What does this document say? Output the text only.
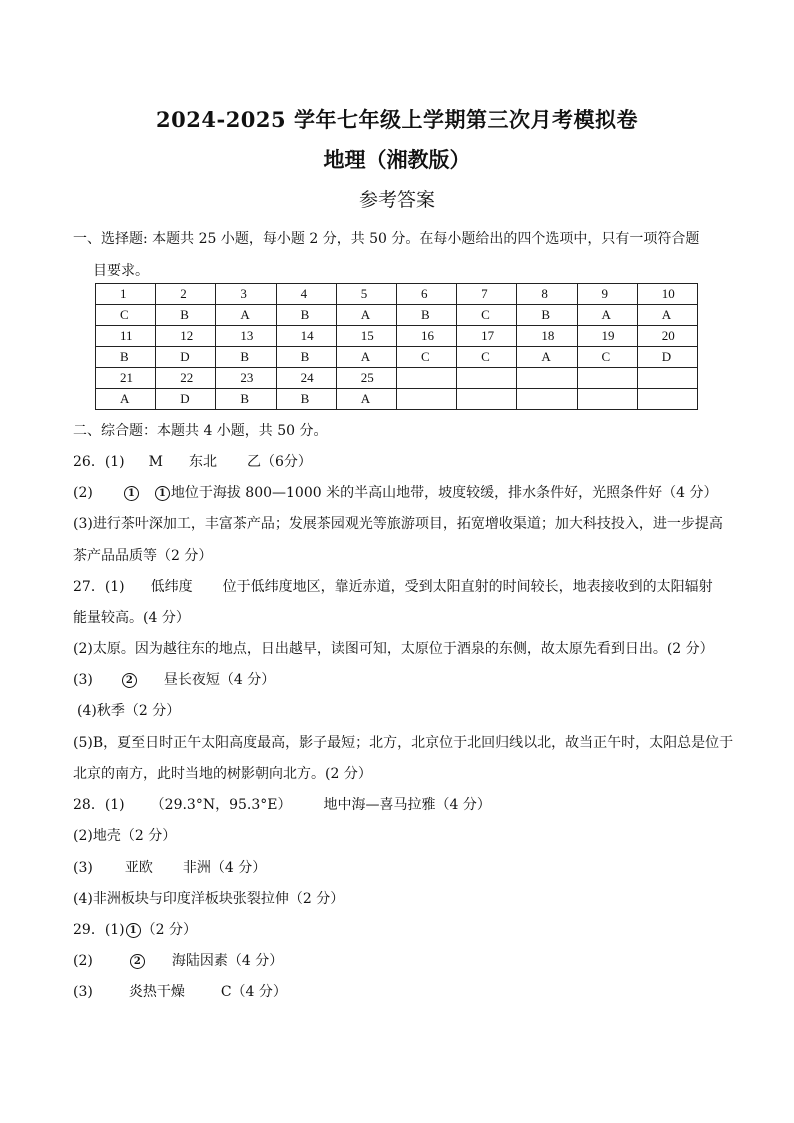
2024-2025 学年七年级上学期第三次月考模拟卷
地理（湘教版）
参考答案
一、选择题: 本题共 25 小题，每小题 2 分，共 50 分。在每小题给出的四个选项中，只有一项符合题
目要求。
1	2	3	4	5	6	7	8	9	10
C	B	A	B	A	B	C	B	A	A
11	12	13	14	15	16	17	18	19	20
B	D	B	B	A	C	C	A	C	D
21	22	23	24	25					
A	D	B	B	A					
二、综合题：本题共 4 小题，共 50 分。
26．(1) M 东北 乙（6分）
(2)	1 1 地位于海拔 800—1000 米的半高山地带，坡度较缓，排水条件好，光照条件好（4 分）
(3)进行茶叶深加工，丰富茶产品；发展茶园观光等旅游项目，拓宽增收渠道；加大科技投入，进一步提高
茶产品品质等（2 分）
27．(1) 低纬度 位于低纬度地区，靠近赤道，受到太阳直射的时间较长，地表接收到的太阳辐射
能量较高。(4 分）
(2)太原。因为越往东的地点，日出越早，读图可知，太原位于酒泉的东侧，故太原先看到日出。(2 分）
(3)	2 昼长夜短（4 分）
(4)秋季（2 分）
(5)B，夏至日时正午太阳高度最高，影子最短；北方，北京位于北回归线以北，故当正午时，太阳总是位于
北京的南方，此时当地的树影朝向北方。(2 分）
28．(1) （29.3°N，95.3°E） 地中海—喜马拉雅（4 分）
(2)地壳（2 分）
(3) 亚欧 非洲（4 分）
(4)非洲板块与印度洋板块张裂拉伸（2 分）
29．(1) 1 （2 分）
(2)	2 海陆因素（4 分）
(3)	炎热干燥	C（4 分）
